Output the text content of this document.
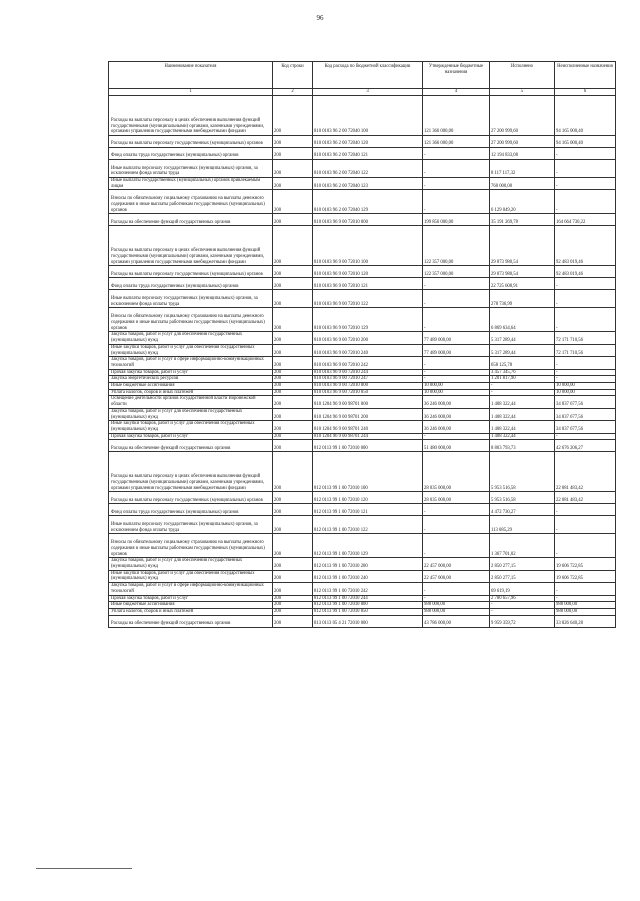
96
Наименование показателя	Код строки	Код расхода по бюджетной классификации	Утвержденные бюджетные назначения	Исполнено	Неисполненные назначения
1	2	3	4	5	6
Расходы на выплаты персоналу в целях обеспечения выполнения функций государственными (муниципальными) органами, казенными учреждениями, органами управления государственными внебюджетными фондами	200	810 0103 96 2 00 72040 100	121 366 000,00	27 200 999,60	94 165 000,40
Расходы на выплаты персоналу государственных (муниципальных) органов	200	810 0103 96 2 00 72040 120	121 366 000,00	27 200 999,60	94 165 000,40
Фонд оплаты труда государственных (муниципальных) органов	200	810 0103 96 2 00 72040 121	-	12 194 833,08	-
Иные выплаты персоналу государственных (муниципальных) органов, за исключением фонда оплаты труда	200	810 0103 96 2 00 72040 122	-	8 117 117,32	-
Иные выплаты государственных (муниципальных) органов привлекаемым лицам	200	810 0103 96 2 00 72040 123	-	760 000,00	-
Взносы по обязательному социальному страхованию на выплаты денежного содержания и иные выплаты работникам государственных (муниципальных) органов	200	810 0103 96 2 00 72040 129	-	6 129 049,20	-
Расходы на обеспечение функций государственных органов	200	810 0103 96 9 00 72010 000	199 856 000,00	35 191 269,78	164 664 730,22
Расходы на выплаты персоналу в целях обеспечения выполнения функций государственными (муниципальными) органами, казенными учреждениями, органами управления государственными внебюджетными фондами	200	810 0103 96 9 00 72010 100	122 357 000,00	29 873 980,54	92 483 019,46
Расходы на выплаты персоналу государственных (муниципальных) органов	200	810 0103 96 9 00 72010 120	122 357 000,00	29 873 980,54	92 483 019,46
Фонд оплаты труда государственных (муниципальных) органов	200	810 0103 96 9 00 72010 121	-	22 725 608,91	-
Иные выплаты персоналу государственных (муниципальных) органов, за исключением фонда оплаты труда	200	810 0103 96 9 00 72010 122	-	278 736,99	-
Взносы по обязательному социальному страхованию на выплаты денежного содержания и иные выплаты работникам государственных (муниципальных) органов	200	810 0103 96 9 00 72010 129	-	6 869 634,64	-
Закупка товаров, работ и услуг для обеспечения государственных (муниципальных) нужд	200	810 0103 96 9 00 72010 200	77 489 000,00	5 317 289,44	72 171 710,56
Иные закупки товаров, работ и услуг для обеспечения государственных (муниципальных) нужд	200	810 0103 96 9 00 72010 240	77 489 000,00	5 317 289,44	72 171 710,56
Закупка товаров, работ и услуг в сфере информационно-коммуникационных технологий	200	810 0103 96 9 00 72010 242	-	658 125,78	-
Прочая закупка товаров, работ и услуг	200	810 0103 96 9 00 72010 244	-	3 457 345,76	-
Закупка энергетических ресурсов	200	810 0103 96 9 00 72010 247	-	1 201 817,90	-
Иные бюджетные ассигнования	200	810 0103 96 9 00 72010 800	10 000,00	-	10 000,00
Уплата налогов, сборов и иных платежей	200	810 0103 96 9 00 72010 850	10 000,00	-	10 000,00
Освещение деятельности органов государственной власти Воронежской области	200	810 1204 96 9 00 98701 000	36 246 000,00	1 408 322,44	34 837 677,56
Закупка товаров, работ и услуг для обеспечения государственных (муниципальных) нужд	200	810 1204 96 9 00 98701 200	36 246 000,00	1 408 322,44	34 837 677,56
Иные закупки товаров, работ и услуг для обеспечения государственных (муниципальных) нужд	200	810 1204 96 9 00 98701 240	36 246 000,00	1 408 322,44	34 837 677,56
Прочая закупка товаров, работ и услуг	200	810 1204 96 9 00 98701 244	-	1 408 322,44	-
Расходы на обеспечение функций государственных органов	200	812 0113 99 1 00 72010 000	51 480 000,00	8 803 793,73	42 676 206,27
Расходы на выплаты персоналу в целях обеспечения выполнения функций государственными (муниципальными) органами, казенными учреждениями, органами управления государственными внебюджетными фондами	200	812 0113 99 1 00 72010 100	28 035 000,00	5 953 516,58	22 081 483,42
Расходы на выплаты персоналу государственных (муниципальных) органов	200	812 0113 99 1 00 72010 120	28 035 000,00	5 953 516,58	22 081 483,42
Фонд оплаты труда государственных (муниципальных) органов	200	812 0113 99 1 00 72010 121	-	4 472 730,27	-
Иные выплаты персоналу государственных (муниципальных) органов, за исключением фонда оплаты труда	200	812 0113 99 1 00 72010 122	-	113 085,29	-
Взносы по обязательному социальному страхованию на выплаты денежного содержания и иные выплаты работникам государственных (муниципальных) органов	200	812 0113 99 1 00 72010 129	-	1 367 701,02	-
Закупка товаров, работ и услуг для обеспечения государственных (муниципальных) нужд	200	812 0113 99 1 00 72010 200	22 457 000,00	2 850 277,15	19 606 722,85
Иные закупки товаров, работ и услуг для обеспечения государственных (муниципальных) нужд	200	812 0113 99 1 00 72010 240	22 457 000,00	2 850 277,15	19 606 722,85
Закупка товаров, работ и услуг в сфере информационно-коммуникационных технологий	200	812 0113 99 1 00 72010 242	-	69 619,19	-
Прочая закупка товаров, работ и услуг	200	812 0113 99 1 00 72010 244	-	2 780 657,96	-
Иные бюджетные ассигнования	200	812 0113 99 1 00 72010 800	988 000,00	-	988 000,00
Уплата налогов, сборов и иных платежей	200	812 0113 99 1 00 72010 850	988 000,00	-	988 000,00
Расходы на обеспечение функций государственных органов	200	813 0113 05 4 21 72010 000	43 786 000,00	9 959 359,72	33 826 640,28
